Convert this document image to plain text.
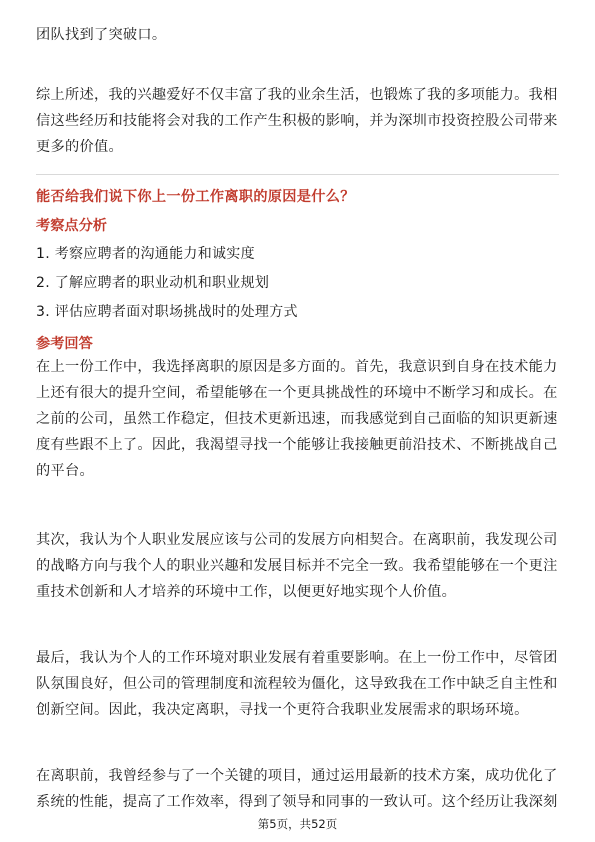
团队找到了突破口。

综上所述，我的兴趣爱好不仅丰富了我的业余生活，也锻炼了我的多项能力。我相信这些经历和技能将会对我的工作产生积极的影响，并为深圳市投资控股公司带来更多的价值。

能否给我们说下你上一份工作离职的原因是什么？

考察点分析

1. 考察应聘者的沟通能力和诚实度

2. 了解应聘者的职业动机和职业规划

3. 评估应聘者面对职场挑战时的处理方式

参考回答

在上一份工作中，我选择离职的原因是多方面的。首先，我意识到自身在技术能力上还有很大的提升空间，希望能够在一个更具挑战性的环境中不断学习和成长。在之前的公司，虽然工作稳定，但技术更新迅速，而我感觉到自己面临的知识更新速度有些跟不上了。因此，我渴望寻找一个能够让我接触更前沿技术、不断挑战自己的平台。

其次，我认为个人职业发展应该与公司的发展方向相契合。在离职前，我发现公司的战略方向与我个人的职业兴趣和发展目标并不完全一致。我希望能够在一个更注重技术创新和人才培养的环境中工作，以便更好地实现个人价值。

最后，我认为个人的工作环境对职业发展有着重要影响。在上一份工作中，尽管团队氛围良好，但公司的管理制度和流程较为僵化，这导致我在工作中缺乏自主性和创新空间。因此，我决定离职，寻找一个更符合我职业发展需求的职场环境。

在离职前，我曾经参与了一个关键的项目，通过运用最新的技术方案，成功优化了系统的性能，提高了工作效率，得到了领导和同事的一致认可。这个经历让我深刻

第5页，共52页
